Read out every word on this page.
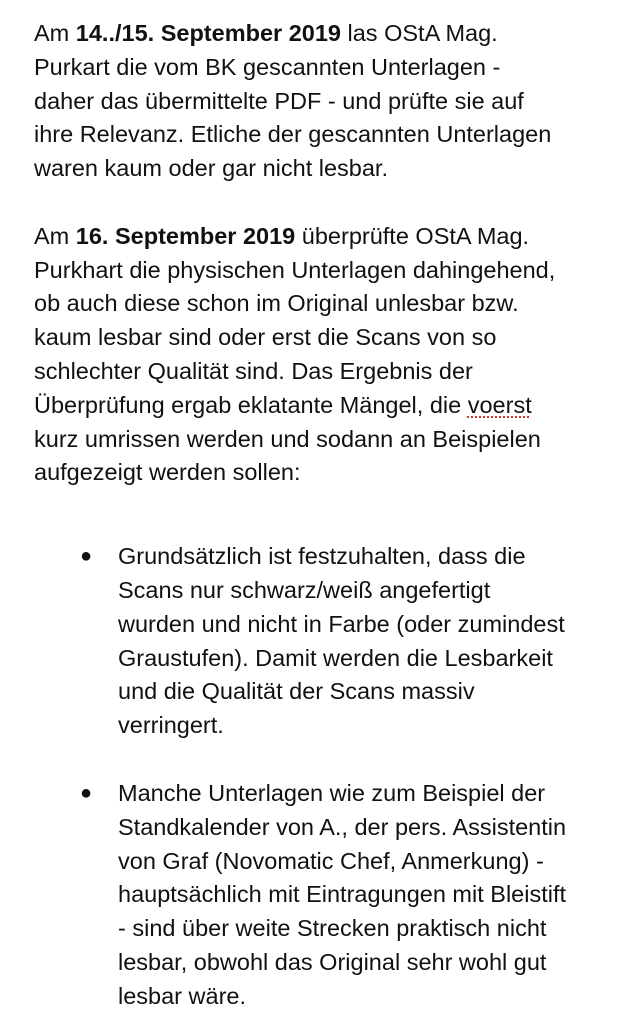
Am 14../15. September 2019 las OStA Mag.
Purkart die vom BK gescannten Unterlagen -
daher das übermittelte PDF - und prüfte sie auf
ihre Relevanz. Etliche der gescannten Unterlagen
waren kaum oder gar nicht lesbar.

Am 16. September 2019 überprüfte OStA Mag.
Purkhart die physischen Unterlagen dahingehend,
ob auch diese schon im Original unlesbar bzw.
kaum lesbar sind oder erst die Scans von so
schlechter Qualität sind. Das Ergebnis der
Überprüfung ergab eklatante Mängel, die voerst
kurz umrissen werden und sodann an Beispielen
aufgezeigt werden sollen:

● Grundsätzlich ist festzuhalten, dass die
Scans nur schwarz/weiß angefertigt
wurden und nicht in Farbe (oder zumindest
Graustufen). Damit werden die Lesbarkeit
und die Qualität der Scans massiv
verringert.
● Manche Unterlagen wie zum Beispiel der
Standkalender von A., der pers. Assistentin
von Graf (Novomatic Chef, Anmerkung) -
hauptsächlich mit Eintragungen mit Bleistift
- sind über weite Strecken praktisch nicht
lesbar, obwohl das Original sehr wohl gut
lesbar wäre.
